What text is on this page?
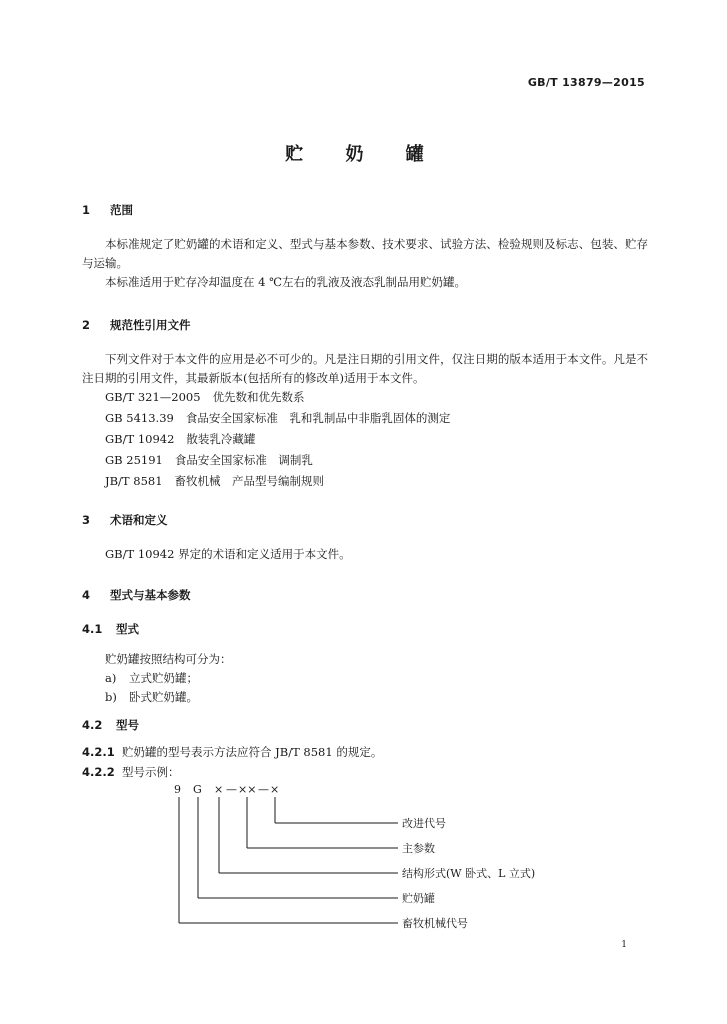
GB/T 13879—2015
贮 奶 罐
1 范围
本标准规定了贮奶罐的术语和定义、型式与基本参数、技术要求、试验方法、检验规则及标志、包装、贮存与运输。
本标准适用于贮存冷却温度在 4 ℃左右的乳液及液态乳制品用贮奶罐。
2 规范性引用文件
下列文件对于本文件的应用是必不可少的。凡是注日期的引用文件，仅注日期的版本适用于本文件。凡是不注日期的引用文件，其最新版本(包括所有的修改单)适用于本文件。
GB/T 321—2005 优先数和优先数系
GB 5413.39 食品安全国家标准　乳和乳制品中非脂乳固体的测定
GB/T 10942 散装乳冷藏罐
GB 25191 食品安全国家标准　调制乳
JB/T 8581 畜牧机械　产品型号编制规则
3 术语和定义
GB/T 10942 界定的术语和定义适用于本文件。
4 型式与基本参数
4.1 型式
贮奶罐按照结构可分为：
a) 立式贮奶罐；
b) 卧式贮奶罐。
4.2 型号
4.2.1 贮奶罐的型号表示方法应符合 JB/T 8581 的规定。
4.2.2 型号示例：
9 G × — ×× — ×
改进代号
主参数
结构形式(W 卧式、L 立式)
贮奶罐
畜牧机械代号
1
